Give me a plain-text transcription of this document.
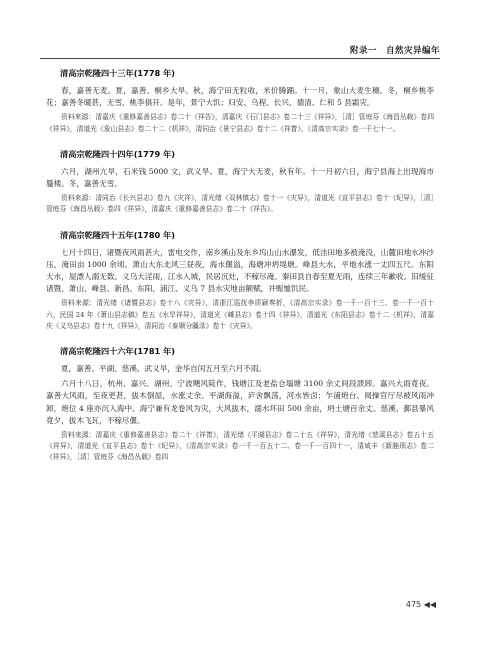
附录一　自然灾异编年
清高宗乾隆四十三年(1778 年)

春，嘉善无麦。夏，嘉善、桐乡大旱。秋，海宁田无粒收，米价腾踊。十一月，象山大麦生穗。冬，桐乡桃李花；嘉善冬暖甚，无雪，桃李俱开。是年，景宁大饥；归安、乌程、长兴、德清、仁和 5 县霜灾。

资料来源：清嘉庆《重修嘉善县志》卷二十《祥告》，清嘉庆《石门县志》卷二十三《祥异》，［清］管庭芬《海昌丛载》卷四《祥异》，清道光《象山县志》卷二十二《机祥》，清同治《景宁县志》卷十二《祥眚》，《清高宗实录》卷一千七十一。

清高宗乾隆四十四年(1779 年)

六月，湖州亢旱，石米钱 5000 文，武义旱。夏，海宁大无麦，秋有年。十一月初六日，海宁县海上出现海市蜃楼。冬，嘉善无雪。

资料来源：清同治《长兴县志》卷九《灾祥》，清光绪《双林镇志》卷十一《灾异》，清道光《宣平县志》卷十《纪异》，［清］管庭芬《海昌丛载》卷四《祥异》，清嘉庆《重修嘉善县志》卷二十《祥告》。

清高宗乾隆四十五年(1780 年)

七月十四日，诸暨夜风雨甚大，雷电交作，南乡溪山及东乡坞山山水瀑发，低洼田地多被淹没，山麓田地水冲沙压，淹田亩 1000 余顷。萧山大东北风三昼夜，海水偃溢，海塘冲坍堤塘。峰县大水，平地水涨一丈四五尺。东阳大水，屋漂人溺无数。义乌大淫雨，江水入城，民居沉灶，不稼尽淹。秦田县自春至夏无雨，连续三年歉收。旧缓征诸暨、萧山、峰县、新昌、东阳、浦江、义乌 7 县水灾地亩额赋，并赈恤饥民。

资料来源：清光绪《诸暨县志》卷十八《灾异》，清浙江巡抚李质颖奏折，《清高宗实录》卷一千一百十三、卷一千一百十六，民国 24 年《萧山县志稿》卷五《水旱祥异》，清道光《嵊县志》卷十四《祥异》，清道光《东阳县志》卷十二《机祥》，清嘉庆《义乌县志》卷十九《祥异》，清同治《泰顺分疆录》卷十《灾异》。

清高宗乾隆四十六年(1781 年)

夏，嘉善、平湖、慈溪、武义旱，金华自闰五月至六月不雨。

六月十八日，杭州、嘉兴、湖州、宁波飓风陡作，钱塘江及老盐仓塌塘 3100 余丈间段溃卸。嘉兴大雨竟夜。嘉善大风雨，至夜更甚，拔木倒屋，水涨丈余。平湖海溢，庐舍飘荡，河水皆卤；乍浦炮台、阅操官厅尽被风雨冲卸，炮位 4 座亦沉入海中。海宁兼有龙卷风为灾，大风拔木，溺水坏田 500 余亩，坍土塘百余丈。慈溪、鄞县暴风竟夕，拔木飞瓦，不稼尽偃。

资料来源：清嘉庆《重修嘉善县志》卷二十《祥眚》，清光绪《平湖县志》卷二十五《祥异》，清光绪《慈溪县志》卷五十五《祥异》，清道光《宣平县志》卷十《纪异》，《清高宗实录》卷一千一百五十二、卷一千一百四十一，清咸丰《新塍琐志》卷二《祥异》，［清］管庭芬《海昌丛载》卷四

475 ◀◀
